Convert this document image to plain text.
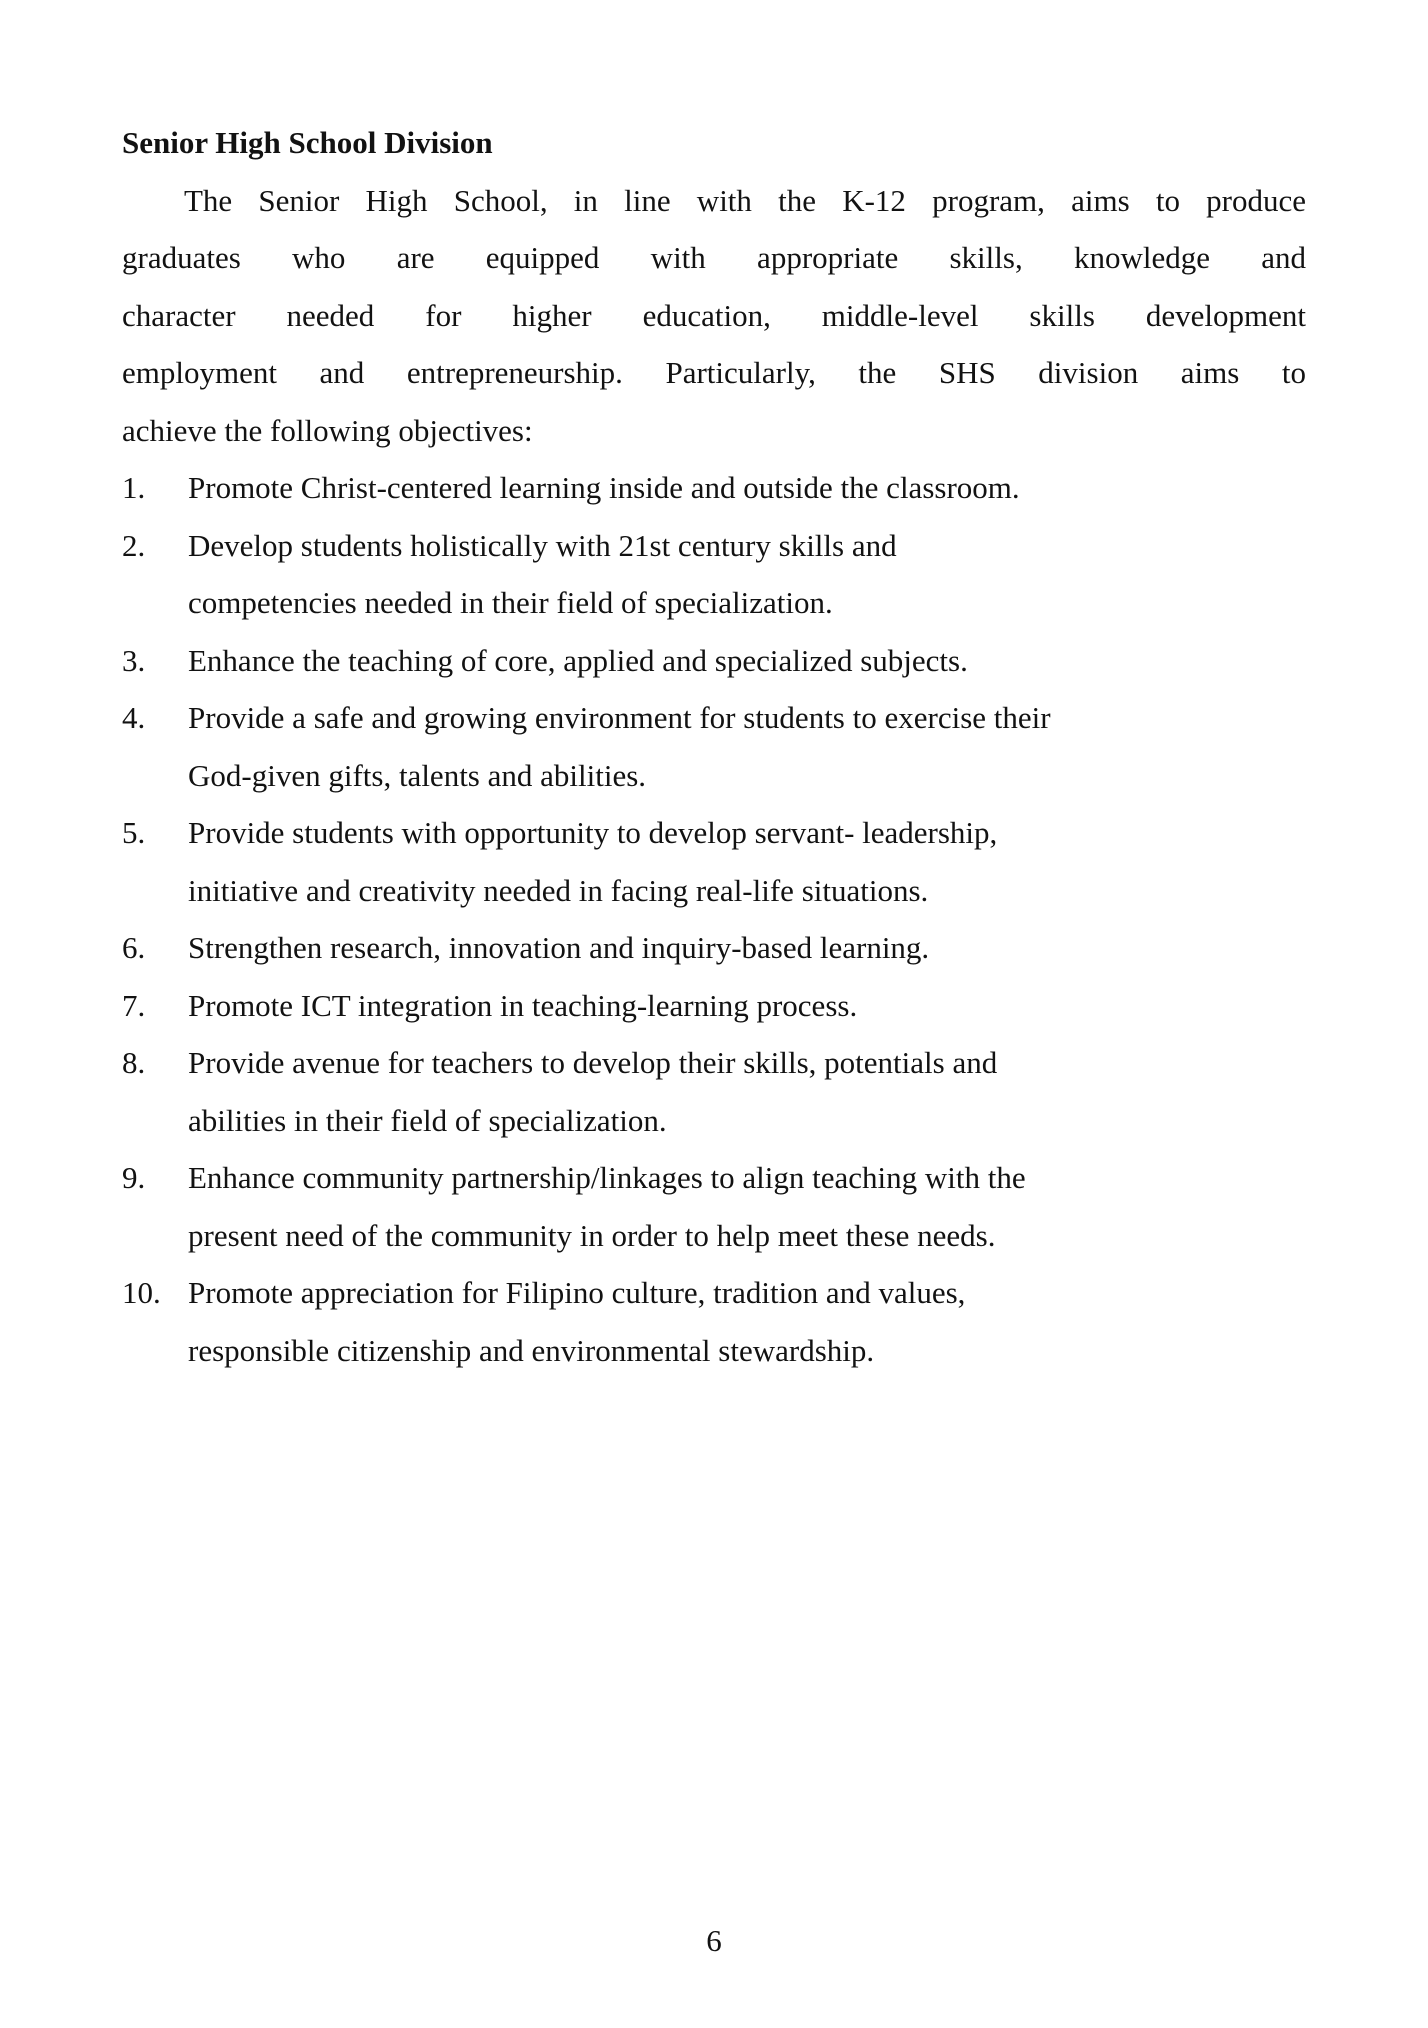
Senior High School Division
The Senior High School, in line with the K-12 program, aims to produce
graduates who are equipped with appropriate skills, knowledge and
character needed for higher education, middle-level skills development
employment and entrepreneurship. Particularly, the SHS division aims to
achieve the following objectives:
1.	Promote Christ-centered learning inside and outside the classroom.
2.	Develop students holistically with 21st century skills and
competencies needed in their field of specialization.
3.	Enhance the teaching of core, applied and specialized subjects.
4.	Provide a safe and growing environment for students to exercise their
God-given gifts, talents and abilities.
5.	Provide students with opportunity to develop servant- leadership,
initiative and creativity needed in facing real-life situations.
6.	Strengthen research, innovation and inquiry-based learning.
7.	Promote ICT integration in teaching-learning process.
8.	Provide avenue for teachers to develop their skills, potentials and
abilities in their field of specialization.
9.	Enhance community partnership/linkages to align teaching with the
present need of the community in order to help meet these needs.
10. Promote appreciation for Filipino culture, tradition and values,
responsible citizenship and environmental stewardship.
6
